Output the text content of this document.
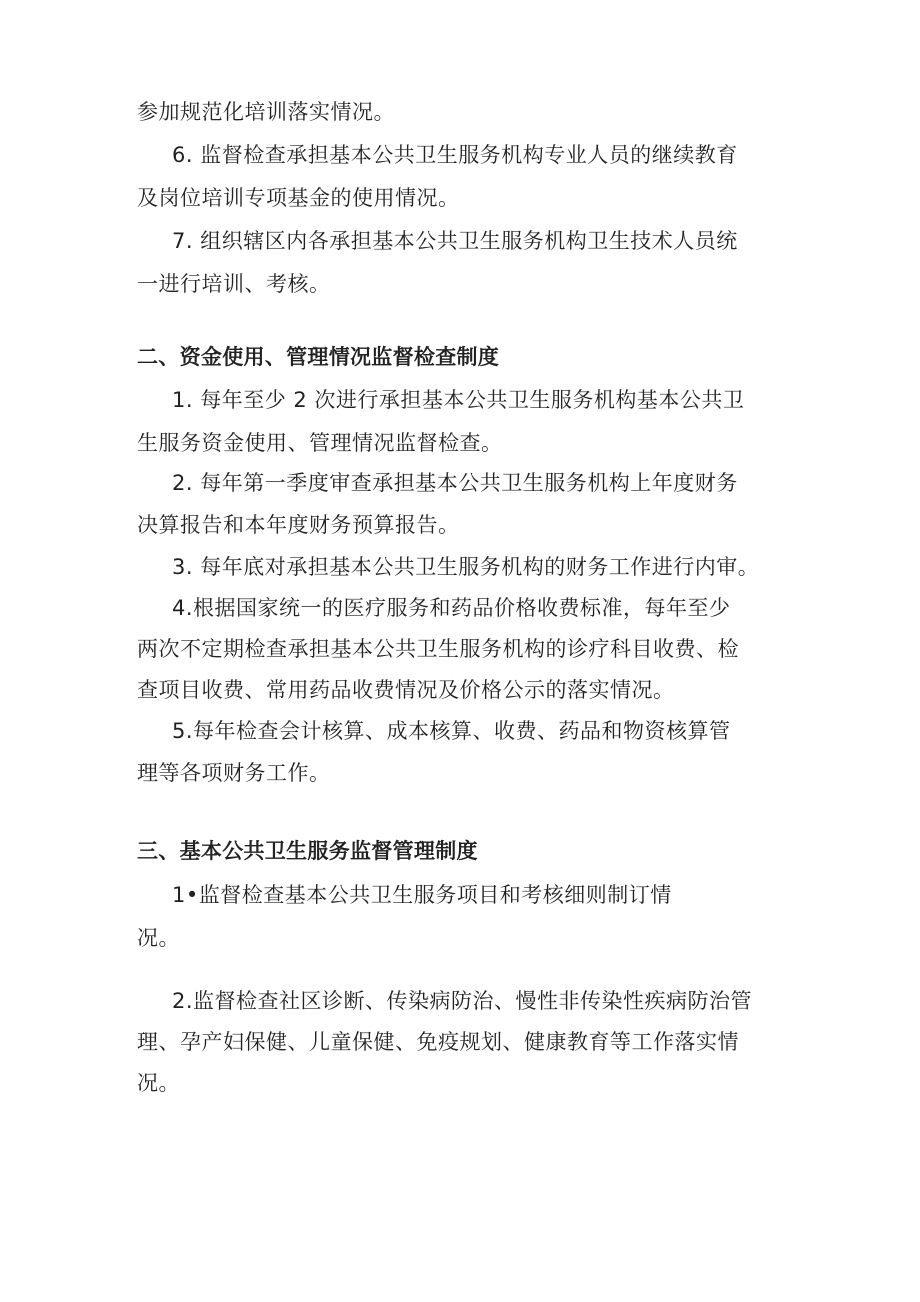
参加规范化培训落实情况。
6. 监督检查承担基本公共卫生服务机构专业人员的继续教育
及岗位培训专项基金的使用情况。
7. 组织辖区内各承担基本公共卫生服务机构卫生技术人员统
一进行培训、考核。
二、资金使用、管理情况监督检查制度
1. 每年至少 2 次进行承担基本公共卫生服务机构基本公共卫
生服务资金使用、管理情况监督检查。
2. 每年第一季度审查承担基本公共卫生服务机构上年度财务
决算报告和本年度财务预算报告。
3. 每年底对承担基本公共卫生服务机构的财务工作进行内审。
4.根据国家统一的医疗服务和药品价格收费标准，每年至少
两次不定期检查承担基本公共卫生服务机构的诊疗科目收费、检
查项目收费、常用药品收费情况及价格公示的落实情况。
5.每年检查会计核算、成本核算、收费、药品和物资核算管
理等各项财务工作。
三、基本公共卫生服务监督管理制度
1•监督检查基本公共卫生服务项目和考核细则制订情
况。
2.监督检查社区诊断、传染病防治、慢性非传染性疾病防治管
理、孕产妇保健、儿童保健、免疫规划、健康教育等工作落实情
况。
